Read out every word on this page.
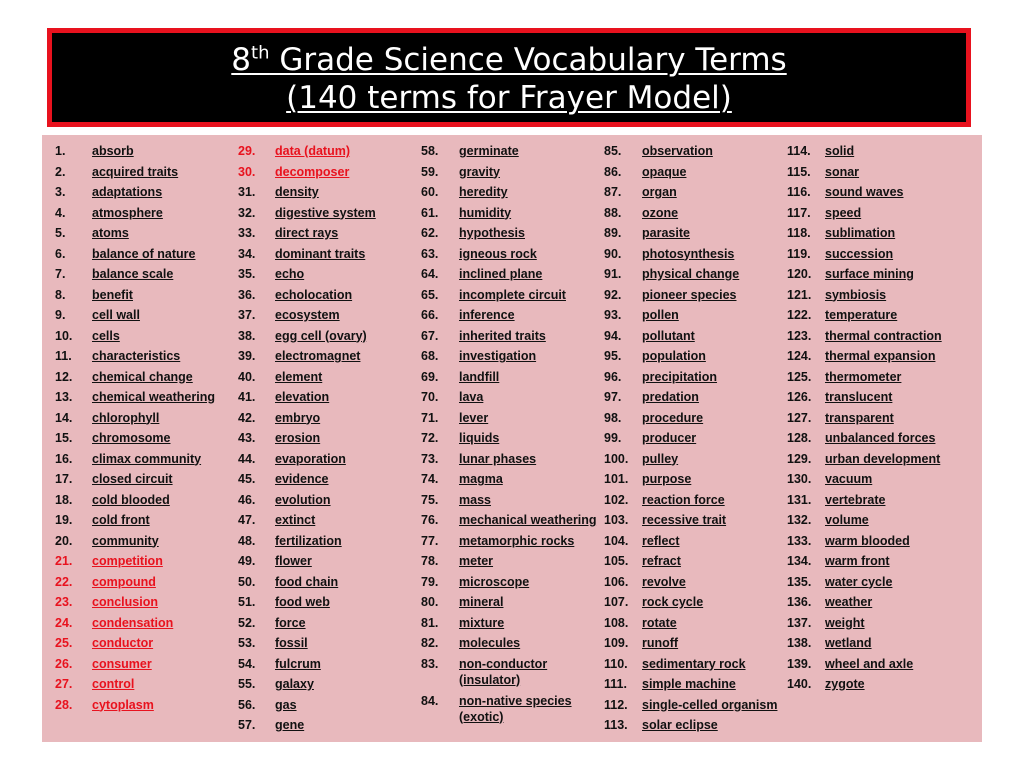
8th Grade Science Vocabulary Terms
(140 terms for Frayer Model)
1. absorb
2. acquired traits
3. adaptations
4. atmosphere
5. atoms
6. balance of nature
7. balance scale
8. benefit
9. cell wall
10. cells
11. characteristics
12. chemical change
13. chemical weathering
14. chlorophyll
15. chromosome
16. climax community
17. closed circuit
18. cold blooded
19. cold front
20. community
21. competition
22. compound
23. conclusion
24. condensation
25. conductor
26. consumer
27. control
28. cytoplasm
29. data (datum)
30. decomposer
31. density
32. digestive system
33. direct rays
34. dominant traits
35. echo
36. echolocation
37. ecosystem
38. egg cell (ovary)
39. electromagnet
40. element
41. elevation
42. embryo
43. erosion
44. evaporation
45. evidence
46. evolution
47. extinct
48. fertilization
49. flower
50. food chain
51. food web
52. force
53. fossil
54. fulcrum
55. galaxy
56. gas
57. gene
58. germinate
59. gravity
60. heredity
61. humidity
62. hypothesis
63. igneous rock
64. inclined plane
65. incomplete circuit
66. inference
67. inherited traits
68. investigation
69. landfill
70. lava
71. lever
72. liquids
73. lunar phases
74. magma
75. mass
76. mechanical weathering
77. metamorphic rocks
78. meter
79. microscope
80. mineral
81. mixture
82. molecules
83. non-conductor (insulator)
84. non-native species (exotic)
85. observation
86. opaque
87. organ
88. ozone
89. parasite
90. photosynthesis
91. physical change
92. pioneer species
93. pollen
94. pollutant
95. population
96. precipitation
97. predation
98. procedure
99. producer
100. pulley
101. purpose
102. reaction force
103. recessive trait
104. reflect
105. refract
106. revolve
107. rock cycle
108. rotate
109. runoff
110. sedimentary rock
111. simple machine
112. single-celled organism
113. solar eclipse
114. solid
115. sonar
116. sound waves
117. speed
118. sublimation
119. succession
120. surface mining
121. symbiosis
122. temperature
123. thermal contraction
124. thermal expansion
125. thermometer
126. translucent
127. transparent
128. unbalanced forces
129. urban development
130. vacuum
131. vertebrate
132. volume
133. warm blooded
134. warm front
135. water cycle
136. weather
137. weight
138. wetland
139. wheel and axle
140. zygote
